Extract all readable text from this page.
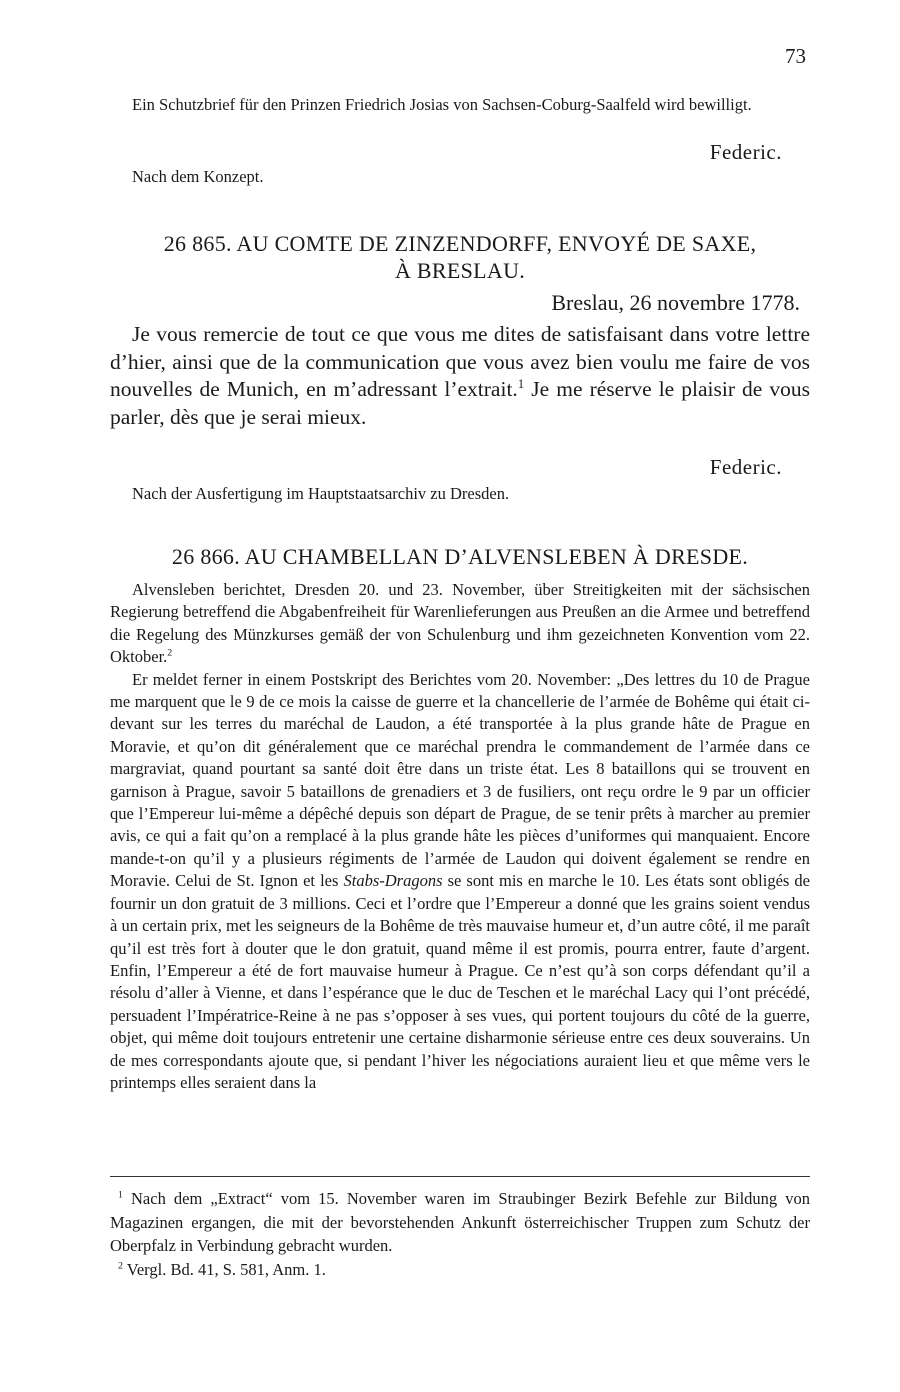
73
Ein Schutzbrief für den Prinzen Friedrich Josias von Sachsen-Coburg-Saalfeld wird bewilligt.
Federic.
Nach dem Konzept.
26 865. AU COMTE DE ZINZENDORFF, ENVOYÉ DE SAXE,
À BRESLAU.
Breslau, 26 novembre 1778.
Je vous remercie de tout ce que vous me dites de satisfaisant dans votre lettre d’hier, ainsi que de la communication que vous avez bien voulu me faire de vos nouvelles de Munich, en m’adressant l’extrait.$^1$ Je me réserve le plaisir de vous parler, dès que je serai mieux.
Federic.
Nach der Ausfertigung im Hauptstaatsarchiv zu Dresden.
26 866. AU CHAMBELLAN D’ALVENSLEBEN À DRESDE.

Alvensleben berichtet, Dresden 20. und 23. November, über Streitigkeiten mit der sächsischen Regierung betreffend die Abgabenfreiheit für Warenlieferungen aus Preußen an die Armee und betreffend die Regelung des Münzkurses gemäß der von Schulenburg und ihm gezeichneten Konvention vom 22. Oktober.$^2$

Er meldet ferner in einem Postskript des Berichtes vom 20. November: „Des lettres du 10 de Prague me marquent que le 9 de ce mois la caisse de guerre et la chancellerie de l’armée de Bohême qui était ci-devant sur les terres du maréchal de Laudon, a été transportée à la plus grande hâte de Prague en Moravie, et qu’on dit généralement que ce maréchal prendra le commandement de l’armée dans ce margraviat, quand pourtant sa santé doit être dans un triste état. Les 8 bataillons qui se trouvent en garnison à Prague, savoir 5 bataillons de grenadiers et 3 de fusiliers, ont reçu ordre le 9 par un officier que l’Empereur lui-même a dépêché depuis son départ de Prague, de se tenir prêts à marcher au premier avis, ce qui a fait qu’on a remplacé à la plus grande hâte les pièces d’uniformes qui manquaient. Encore mande-t-on qu’il y a plusieurs régiments de l’armée de Laudon qui doivent également se rendre en Moravie. Celui de St. Ignon et les Stabs-Dragons se sont mis en marche le 10. Les états sont obligés de fournir un don gratuit de 3 millions. Ceci et l’ordre que l’Empereur a donné que les grains soient vendus à un certain prix, met les seigneurs de la Bohême de très mauvaise humeur et, d’un autre côté, il me paraît qu’il est très fort à douter que le don gratuit, quand même il est promis, pourra entrer, faute d’argent. Enfin, l’Empereur a été de fort mauvaise humeur à Prague. Ce n’est qu’à son corps défendant qu’il a résolu d’aller à Vienne, et dans l’espérance que le duc de Teschen et le maréchal Lacy qui l’ont précédé, persuadent l’Impératrice-Reine à ne pas s’opposer à ses vues, qui portent toujours du côté de la guerre, objet, qui même doit toujours entretenir une certaine disharmonie sérieuse entre ces deux souverains. Un de mes correspondants ajoute que, si pendant l’hiver les négociations auraient lieu et que même vers le printemps elles seraient dans la

$^1$ Nach dem „Extract“ vom 15. November waren im Straubinger Bezirk Befehle zur Bildung von Magazinen ergangen, die mit der bevorstehenden Ankunft österreichischer Truppen zum Schutz der Oberpfalz in Verbindung gebracht wurden.

$^2$ Vergl. Bd. 41, S. 581, Anm. 1.
